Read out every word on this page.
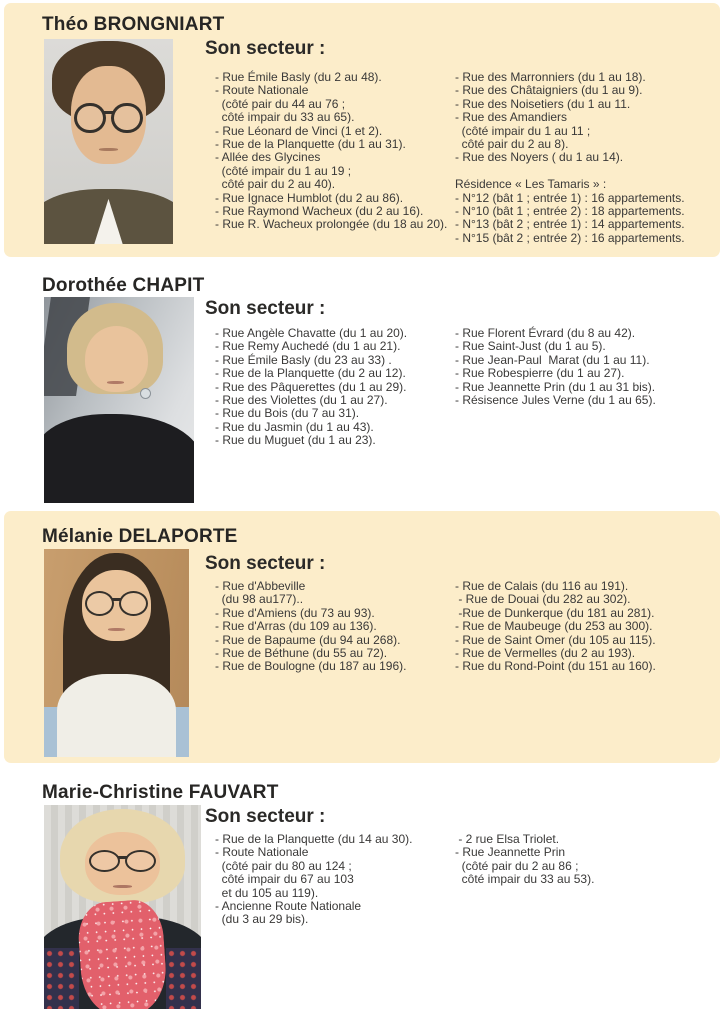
Théo BRONGNIART
Son secteur :
- Rue Émile Basly (du 2 au 48).
- Route Nationale
(côté pair du 44 au 76 ;
côté impair du 33 au 65).
- Rue Léonard de Vinci (1 et 2).
- Rue de la Planquette (du 1 au 31).
- Allée des Glycines
(côté impair du 1 au 19 ;
côté pair du 2 au 40).
- Rue Ignace Humblot (du 2 au 86).
- Rue Raymond Wacheux (du 2 au 16).
- Rue R. Wacheux prolongée (du 18 au 20).
- Rue des Marronniers (du 1 au 18).
- Rue des Châtaigniers (du 1 au 9).
- Rue des Noisetiers (du 1 au 11.
- Rue des Amandiers
(côté impair du 1 au 11 ;
côté pair du 2 au 8).
- Rue des Noyers ( du 1 au 14).

Résidence « Les Tamaris » :
- N°12 (bât 1 ; entrée 1) : 16 appartements.
- N°10 (bât 1 ; entrée 2) : 18 appartements.
- N°13 (bât 2 ; entrée 1) : 14 appartements.
- N°15 (bât 2 ; entrée 2) : 16 appartements.
Dorothée CHAPIT
Son secteur :
- Rue Angèle Chavatte (du 1 au 20).
- Rue Remy Auchedé (du 1 au 21).
- Rue Émile Basly (du 23 au 33) .
- Rue de la Planquette (du 2 au 12).
- Rue des Pâquerettes (du 1 au 29).
- Rue des Violettes (du 1 au 27).
- Rue du Bois (du 7 au 31).
- Rue du Jasmin (du 1 au 43).
- Rue du Muguet (du 1 au 23).
- Rue Florent Évrard (du 8 au 42).
- Rue Saint-Just (du 1 au 5).
- Rue Jean-Paul  Marat (du 1 au 11).
- Rue Robespierre (du 1 au 27).
- Rue Jeannette Prin (du 1 au 31 bis).
- Résisence Jules Verne (du 1 au 65).
Mélanie DELAPORTE
Son secteur :
- Rue d'Abbeville
(du 98 au177)..
- Rue d'Amiens (du 73 au 93).
- Rue d'Arras (du 109 au 136).
- Rue de Bapaume (du 94 au 268).
- Rue de Béthune (du 55 au 72).
- Rue de Boulogne (du 187 au 196).
- Rue de Calais (du 116 au 191).
- Rue de Douai (du 282 au 302).
-Rue de Dunkerque (du 181 au 281).
- Rue de Maubeuge (du 253 au 300).
- Rue de Saint Omer (du 105 au 115).
- Rue de Vermelles (du 2 au 193).
- Rue du Rond-Point (du 151 au 160).
Marie-Christine FAUVART
Son secteur :
- Rue de la Planquette (du 14 au 30).
- Route Nationale
(côté pair du 80 au 124 ;
côté impair du 67 au 103
et du 105 au 119).
- Ancienne Route Nationale
(du 3 au 29 bis).
- 2 rue Elsa Triolet.
- Rue Jeannette Prin
(côté pair du 2 au 86 ;
côté impair du 33 au 53).
